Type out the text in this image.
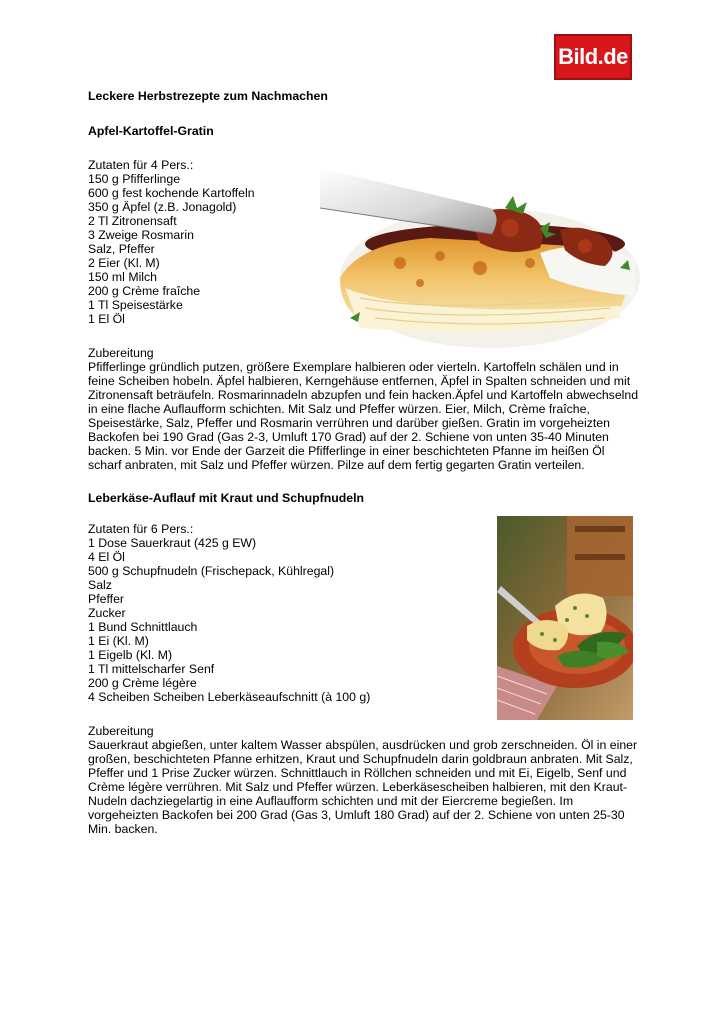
Bild.de
Leckere Herbstrezepte zum Nachmachen
Apfel-Kartoffel-Gratin
Zutaten für 4 Pers.:
150 g Pfifferlinge
600 g fest kochende Kartoffeln
350 g Äpfel (z.B. Jonagold)
2 Tl Zitronensaft
3 Zweige Rosmarin
Salz, Pfeffer
2 Eier (Kl. M)
150 ml Milch
200 g Crème fraîche
1 Tl Speisestärke
1 El Öl
Zubereitung

Pfifferlinge gründlich putzen, größere Exemplare halbieren oder vierteln. Kartoffeln schälen und in feine Scheiben hobeln. Äpfel halbieren, Kerngehäuse entfernen, Äpfel in Spalten schneiden und mit Zitronensaft beträufeln. Rosmarinnadeln abzupfen und fein hacken.Äpfel und Kartoffeln abwechselnd in eine flache Auflaufform schichten. Mit Salz und Pfeffer würzen. Eier, Milch, Crème fraîche, Speisestärke, Salz, Pfeffer und Rosmarin verrühren und darüber gießen. Gratin im vorgeheizten Backofen bei 190 Grad (Gas 2-3, Umluft 170 Grad) auf der 2. Schiene von unten 35-40 Minuten backen. 5 Min. vor Ende der Garzeit die Pfifferlinge in einer beschichteten Pfanne im heißen Öl scharf anbraten, mit Salz und Pfeffer würzen. Pilze auf dem fertig gegarten Gratin verteilen.

Leberkäse-Auflauf mit Kraut und Schupfnudeln
Zutaten für 6 Pers.:
1 Dose Sauerkraut (425 g EW)
4 El Öl
500 g Schupfnudeln (Frischepack, Kühlregal)
Salz
Pfeffer
Zucker
1 Bund Schnittlauch
1 Ei (Kl. M)
1 Eigelb (Kl. M)
1 Tl mittelscharfer Senf
200 g Crème légère
4 Scheiben Scheiben Leberkäseaufschnitt (à 100 g)
Zubereitung

Sauerkraut abgießen, unter kaltem Wasser abspülen, ausdrücken und grob zerschneiden. Öl in einer großen, beschichteten Pfanne erhitzen, Kraut und Schupfnudeln darin goldbraun anbraten. Mit Salz, Pfeffer und 1 Prise Zucker würzen. Schnittlauch in Röllchen schneiden und mit Ei, Eigelb, Senf und Crème légère verrühren. Mit Salz und Pfeffer würzen. Leberkäsescheiben halbieren, mit den Kraut-Nudeln dachziegelartig in eine Auflaufform schichten und mit der Eiercreme begießen. Im vorgeheizten Backofen bei 200 Grad (Gas 3, Umluft 180 Grad) auf der 2. Schiene von unten 25-30 Min. backen.
